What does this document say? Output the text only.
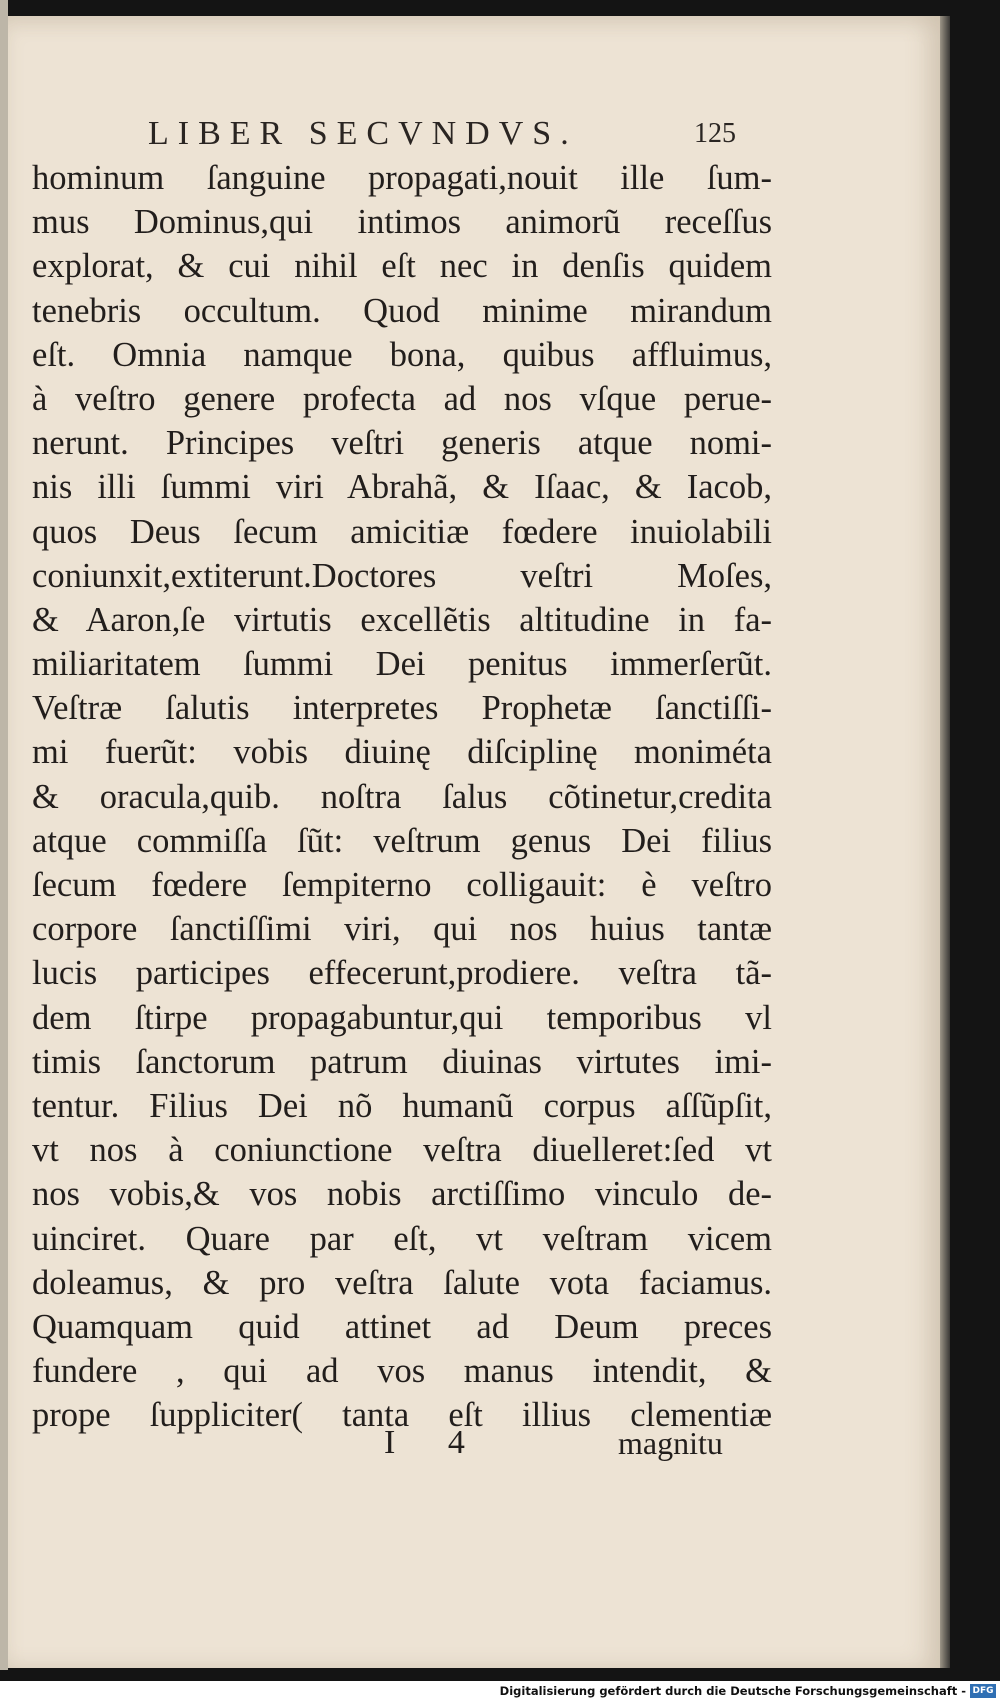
LIBER SECVNDVS.	125
hominum ſanguine propagati,nouit ille ſum-
mus Dominus,qui intimos animorũ receſſus
explorat, & cui nihil eſt nec in denſis quidem
tenebris occultum. Quod minime mirandum
eſt. Omnia namque bona, quibus affluimus,
à veſtro genere profecta ad nos vſque perue-
nerunt. Principes veſtri generis atque nomi-
nis illi ſummi viri Abrahã, & Iſaac, & Iacob,
quos Deus ſecum amicitiæ fœdere inuiolabili
coniunxit,extiterunt.Doctores veſtri Moſes,
& Aaron,ſe virtutis excellẽtis altitudine in fa-
miliaritatem ſummi Dei penitus immerſerũt.
Veſtræ ſalutis interpretes Prophetæ ſanctiſſi-
mi fuerũt: vobis diuinę diſciplinę moniméta
& oracula,quib. noſtra ſalus cõtinetur,credita
atque commiſſa ſũt: veſtrum genus Dei filius
ſecum fœdere ſempiterno colligauit: è veſtro
corpore ſanctiſſimi viri, qui nos huius tantæ
lucis participes effecerunt,prodiere. veſtra tã-
dem ſtirpe propagabuntur,qui temporibus vl
timis ſanctorum patrum diuinas virtutes imi-
tentur. Filius Dei nõ humanũ corpus aſſũpſit,
vt nos à coniunctione veſtra diuelleret:ſed vt
nos vobis,& vos nobis arctiſſimo vinculo de-
uinciret. Quare par eſt, vt veſtram vicem
doleamus, & pro veſtra ſalute vota faciamus.
Quamquam quid attinet ad Deum preces
fundere , qui ad vos manus intendit, &
prope ſuppliciter( tanta eſt illius clementiæ
I 4	magnitu
Digitalisierung gefördert durch die Deutsche Forschungsgemeinschaft - DFG
